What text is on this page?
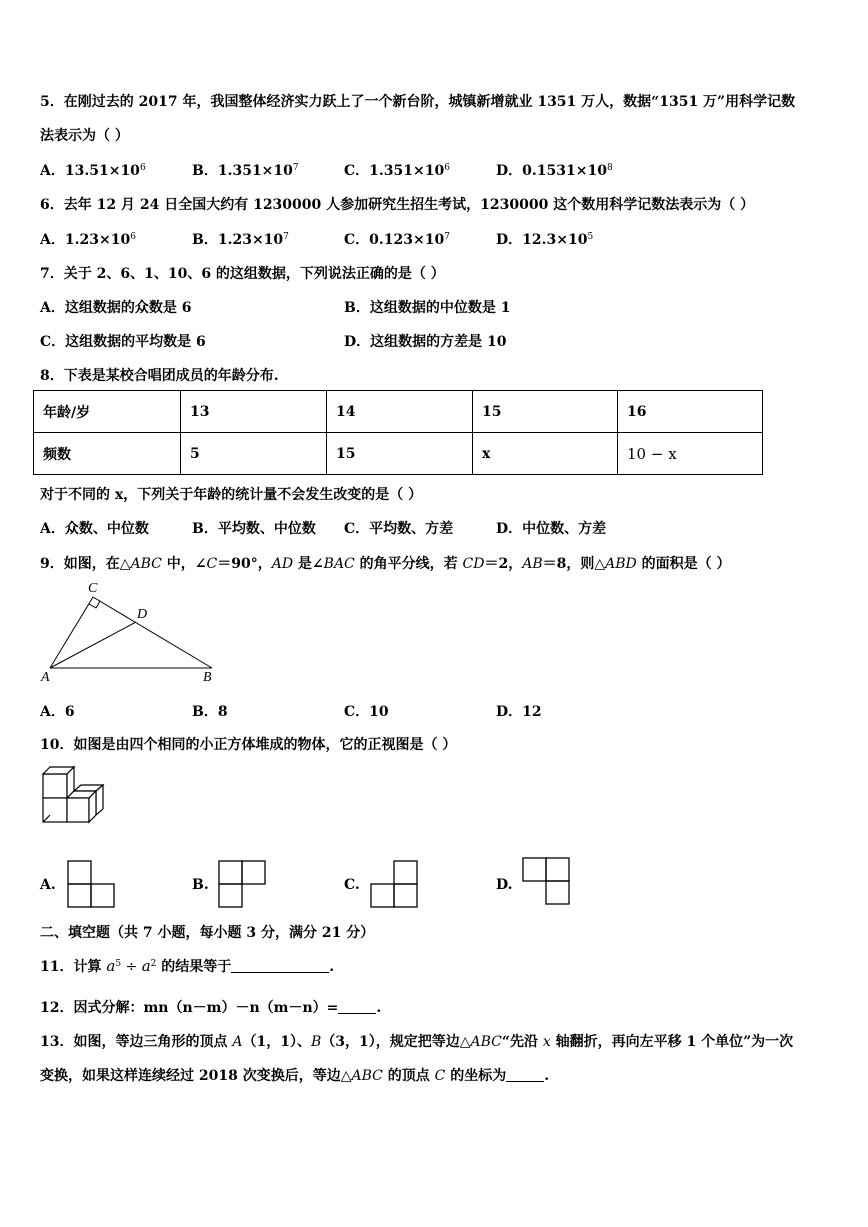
5．在刚过去的 2017 年，我国整体经济实力跃上了一个新台阶，城镇新增就业 1351 万人，数据“1351 万”用科学记数
法表示为（ ）
A．$13.51\times 10^6$	B．$1.351\times 10^7$	C．$1.351\times 10^6$	D．$0.1531\times 10^8$
6．去年 12 月 24 日全国大约有 1230000 人参加研究生招生考试，1230000 这个数用科学记数法表示为（ ）
A．$1.23\times 10^6$	B．$1.23\times 10^7$	C．$0.123\times 10^7$	D．$12.3\times 10^5$
7．关于 2、6、1、10、6 的这组数据，下列说法正确的是（ ）
A．这组数据的众数是 6	B．这组数据的中位数是 1
C．这组数据的平均数是 6	D．这组数据的方差是 10
8．下表是某校合唱团成员的年龄分布.
年龄/岁	13	14	15	16
频数	5	15	x	10 − x
对于不同的 x，下列关于年龄的统计量不会发生改变的是（ ）
A．众数、中位数	B．平均数、中位数 C．平均数、方差	D．中位数、方差
9．如图，在△ABC 中，∠C＝90°，AD 是∠BAC 的角平分线，若 CD＝2，AB＝8，则△ABD 的面积是（ ）
A	B
C
D
A．6	B．8	C．10	D．12
10．如图是由四个相同的小正方体堆成的物体，它的正视图是（ ）
A.	B.	C.	D.
二、填空题（共 7 小题，每小题 3 分，满分 21 分）
11．计算 $a^5 \div a^2$ 的结果等于	.
12．因式分解：mn（n－m）－n（m－n）=	.
13．如图，等边三角形的顶点 A（1，1）、B（3，1），规定把等边△ABC“先沿 x 轴翻折，再向左平移 1 个单位”为一次
变换，如果这样连续经过 2018 次变换后，等边△ABC 的顶点 C 的坐标为	.
